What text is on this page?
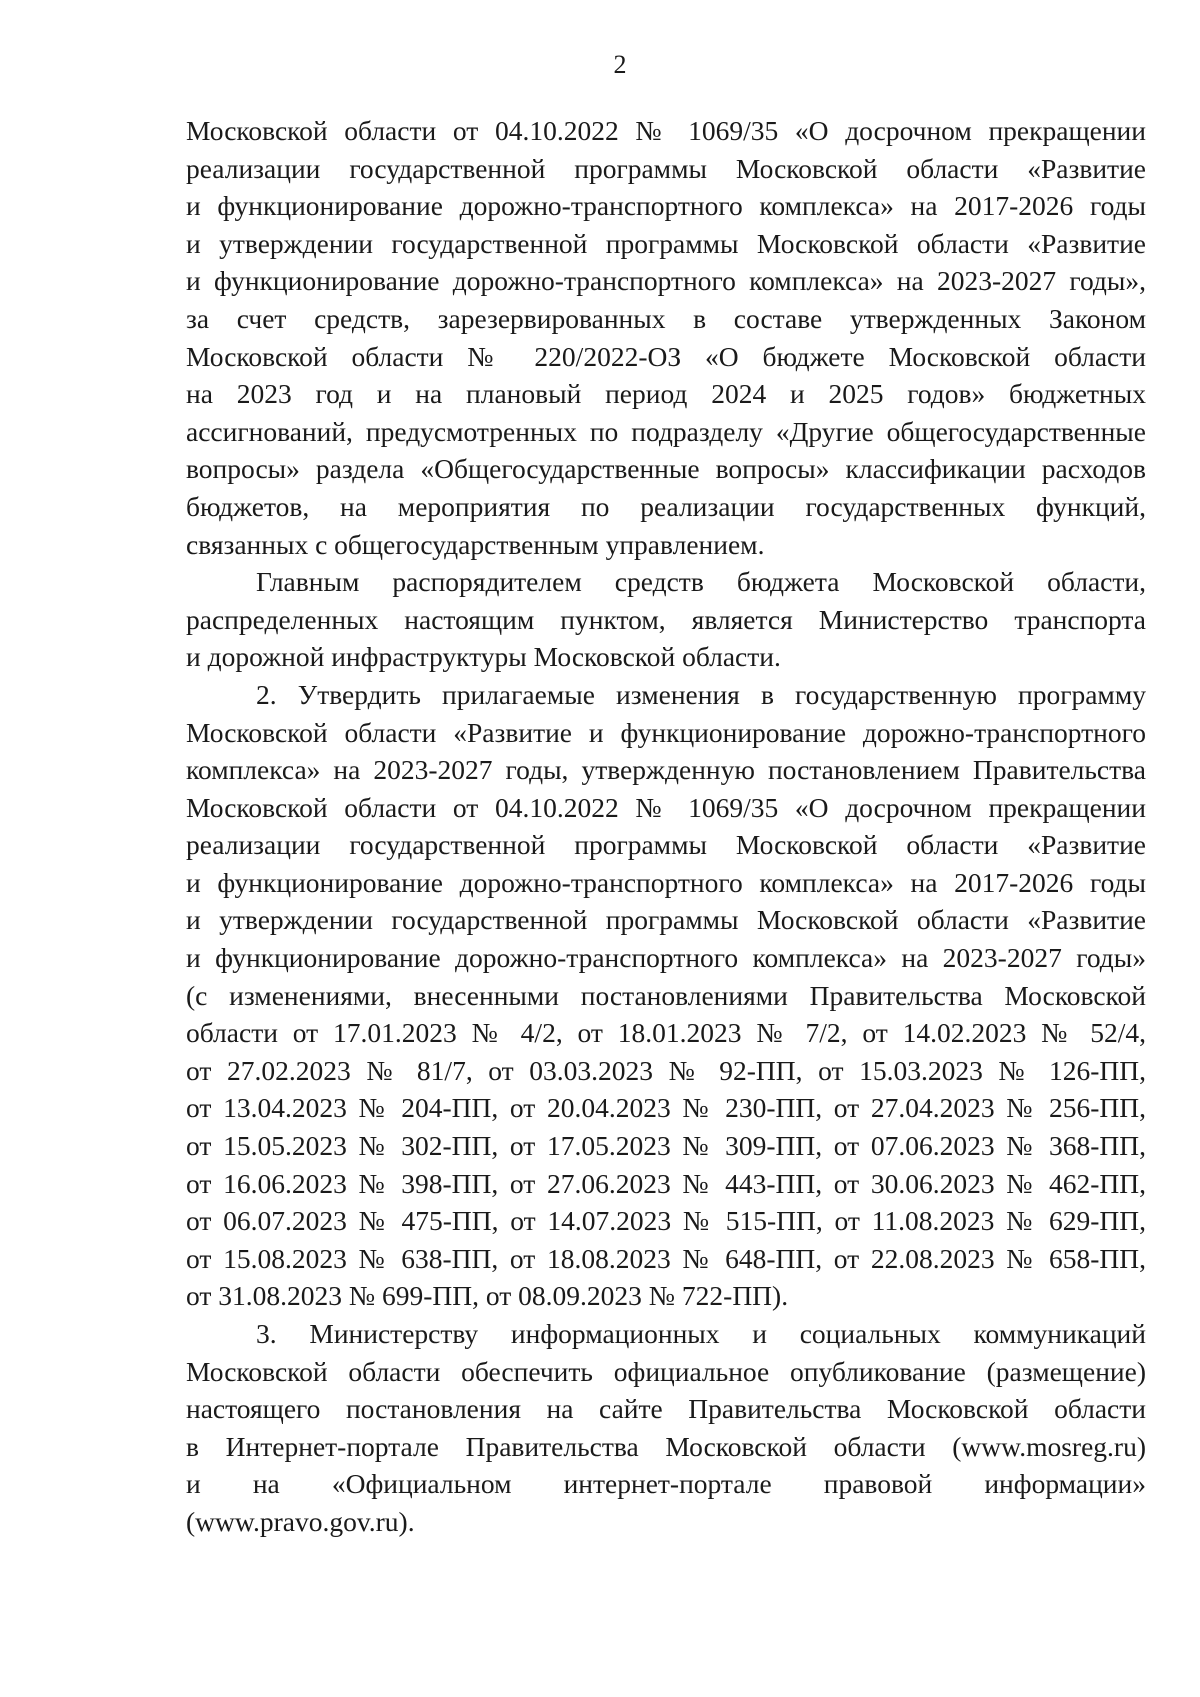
2
Московской области от 04.10.2022 № 1069/35 «О досрочном прекращении
реализации государственной программы Московской области «Развитие
и функционирование дорожно-транспортного комплекса» на 2017-2026 годы
и утверждении государственной программы Московской области «Развитие
и функционирование дорожно-транспортного комплекса» на 2023-2027 годы»,
за счет средств, зарезервированных в составе утвержденных Законом
Московской области № 220/2022-ОЗ «О бюджете Московской области
на 2023 год и на плановый период 2024 и 2025 годов» бюджетных
ассигнований, предусмотренных по подразделу «Другие общегосударственные
вопросы» раздела «Общегосударственные вопросы» классификации расходов
бюджетов, на мероприятия по реализации государственных функций,
связанных с общегосударственным управлением.
Главным распорядителем средств бюджета Московской области,
распределенных настоящим пунктом, является Министерство транспорта
и дорожной инфраструктуры Московской области.
2. Утвердить прилагаемые изменения в государственную программу
Московской области «Развитие и функционирование дорожно-транспортного
комплекса» на 2023-2027 годы, утвержденную постановлением Правительства
Московской области от 04.10.2022 № 1069/35 «О досрочном прекращении
реализации государственной программы Московской области «Развитие
и функционирование дорожно-транспортного комплекса» на 2017-2026 годы
и утверждении государственной программы Московской области «Развитие
и функционирование дорожно-транспортного комплекса» на 2023-2027 годы»
(с изменениями, внесенными постановлениями Правительства Московской
области от 17.01.2023 № 4/2, от 18.01.2023 № 7/2, от 14.02.2023 № 52/4,
от 27.02.2023 № 81/7, от 03.03.2023 № 92-ПП, от 15.03.2023 № 126-ПП,
от 13.04.2023 № 204-ПП, от 20.04.2023 № 230-ПП, от 27.04.2023 № 256-ПП,
от 15.05.2023 № 302-ПП, от 17.05.2023 № 309-ПП, от 07.06.2023 № 368-ПП,
от 16.06.2023 № 398-ПП, от 27.06.2023 № 443-ПП, от 30.06.2023 № 462-ПП,
от 06.07.2023 № 475-ПП, от 14.07.2023 № 515-ПП, от 11.08.2023 № 629-ПП,
от 15.08.2023 № 638-ПП, от 18.08.2023 № 648-ПП, от 22.08.2023 № 658-ПП,
от 31.08.2023 № 699-ПП, от 08.09.2023 № 722-ПП).
3. Министерству информационных и социальных коммуникаций
Московской области обеспечить официальное опубликование (размещение)
настоящего постановления на сайте Правительства Московской области
в Интернет-портале Правительства Московской области (www.mosreg.ru)
и на «Официальном интернет-портале правовой информации»
(www.pravo.gov.ru).
